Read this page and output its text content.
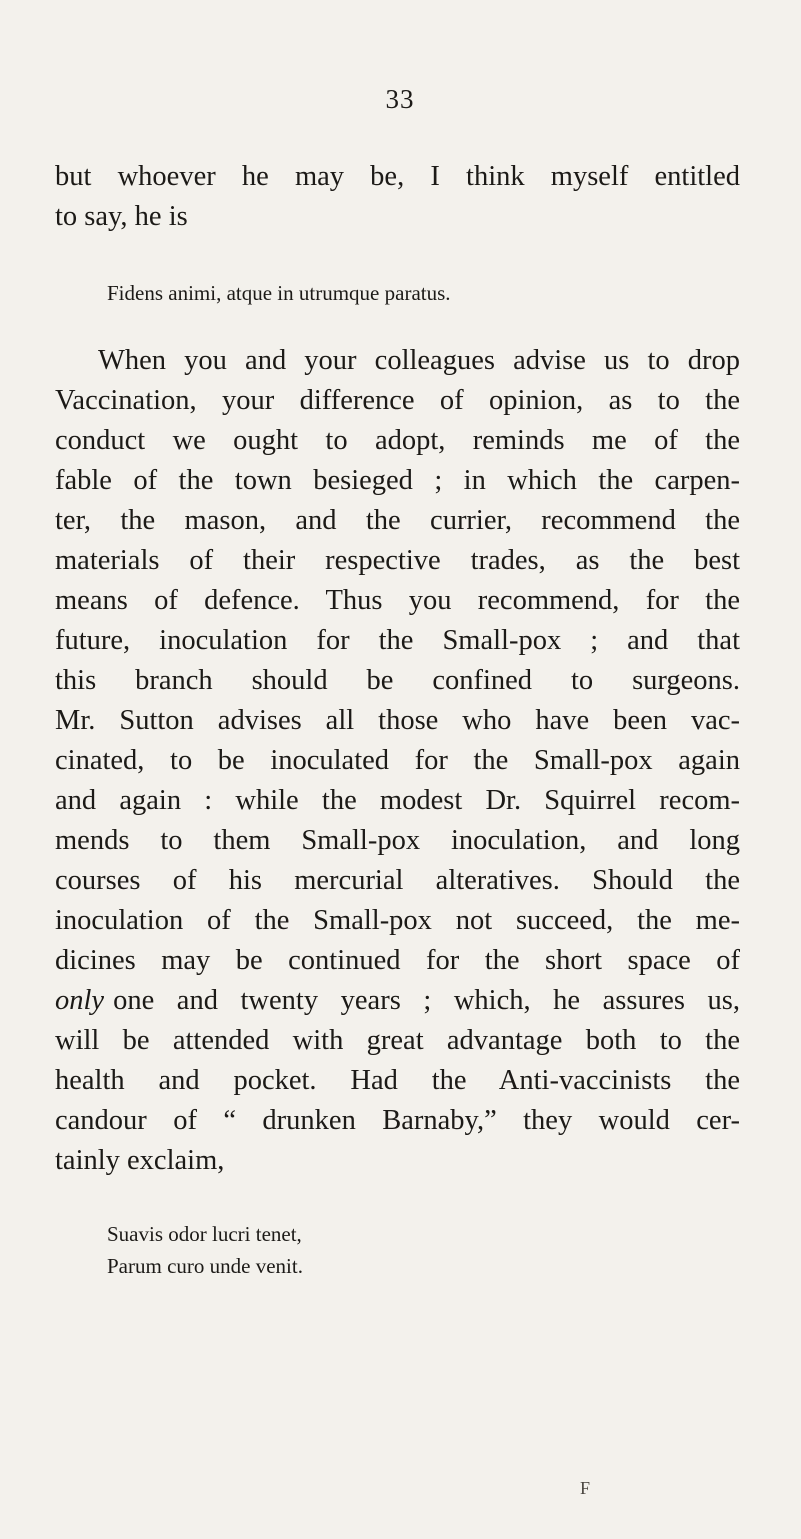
33
but whoever he may be, I think myself entitled
to say, he is
Fidens animi, atque in utrumque paratus.
When you and your colleagues advise us to drop
Vaccination, your difference of opinion, as to the
conduct we ought to adopt, reminds me of the
fable of the town besieged ; in which the carpen-
ter, the mason, and the currier, recommend the
materials of their respective trades, as the best
means of defence. Thus you recommend, for the
future, inoculation for the Small-pox ; and that
this branch should be confined to surgeons.
Mr. Sutton advises all those who have been vac-
cinated, to be inoculated for the Small-pox again
and again : while the modest Dr. Squirrel recom-
mends to them Small-pox inoculation, and long
courses of his mercurial alteratives. Should the
inoculation of the Small-pox not succeed, the me-
dicines may be continued for the short space of
only one and twenty years ; which, he assures us,
will be attended with great advantage both to the
health and pocket. Had the Anti-vaccinists the
candour of “ drunken Barnaby,” they would cer-
tainly exclaim,
Suavis odor lucri tenet,
Parum curo unde venit.
F
